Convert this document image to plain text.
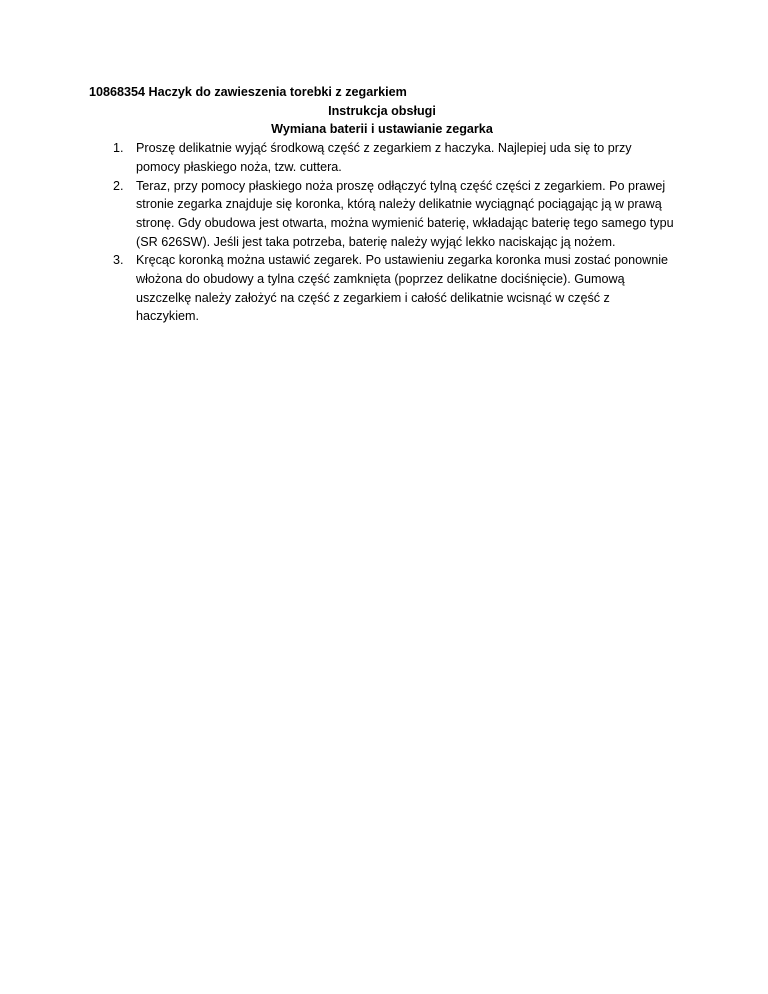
10868354 Haczyk do zawieszenia torebki z zegarkiem

Instrukcja obsługi

Wymiana baterii i ustawianie zegarka

1. Proszę delikatnie wyjąć środkową część z zegarkiem z haczyka. Najlepiej uda się to przy pomocy płaskiego noża, tzw. cuttera.
2. Teraz, przy pomocy płaskiego noża proszę odłączyć tylną część części z zegarkiem. Po prawej stronie zegarka znajduje się koronka, którą należy delikatnie wyciągnąć pociągając ją w prawą stronę. Gdy obudowa jest otwarta, można wymienić baterię, wkładając baterię tego samego typu (SR 626SW). Jeśli jest taka potrzeba, baterię należy wyjąć lekko naciskając ją nożem.
3. Kręcąc koronką można ustawić zegarek. Po ustawieniu zegarka koronka musi zostać ponownie włożona do obudowy a tylna część zamknięta (poprzez delikatne dociśnięcie). Gumową uszczelkę należy założyć na część z zegarkiem i całość delikatnie wcisnąć w część z haczykiem.
